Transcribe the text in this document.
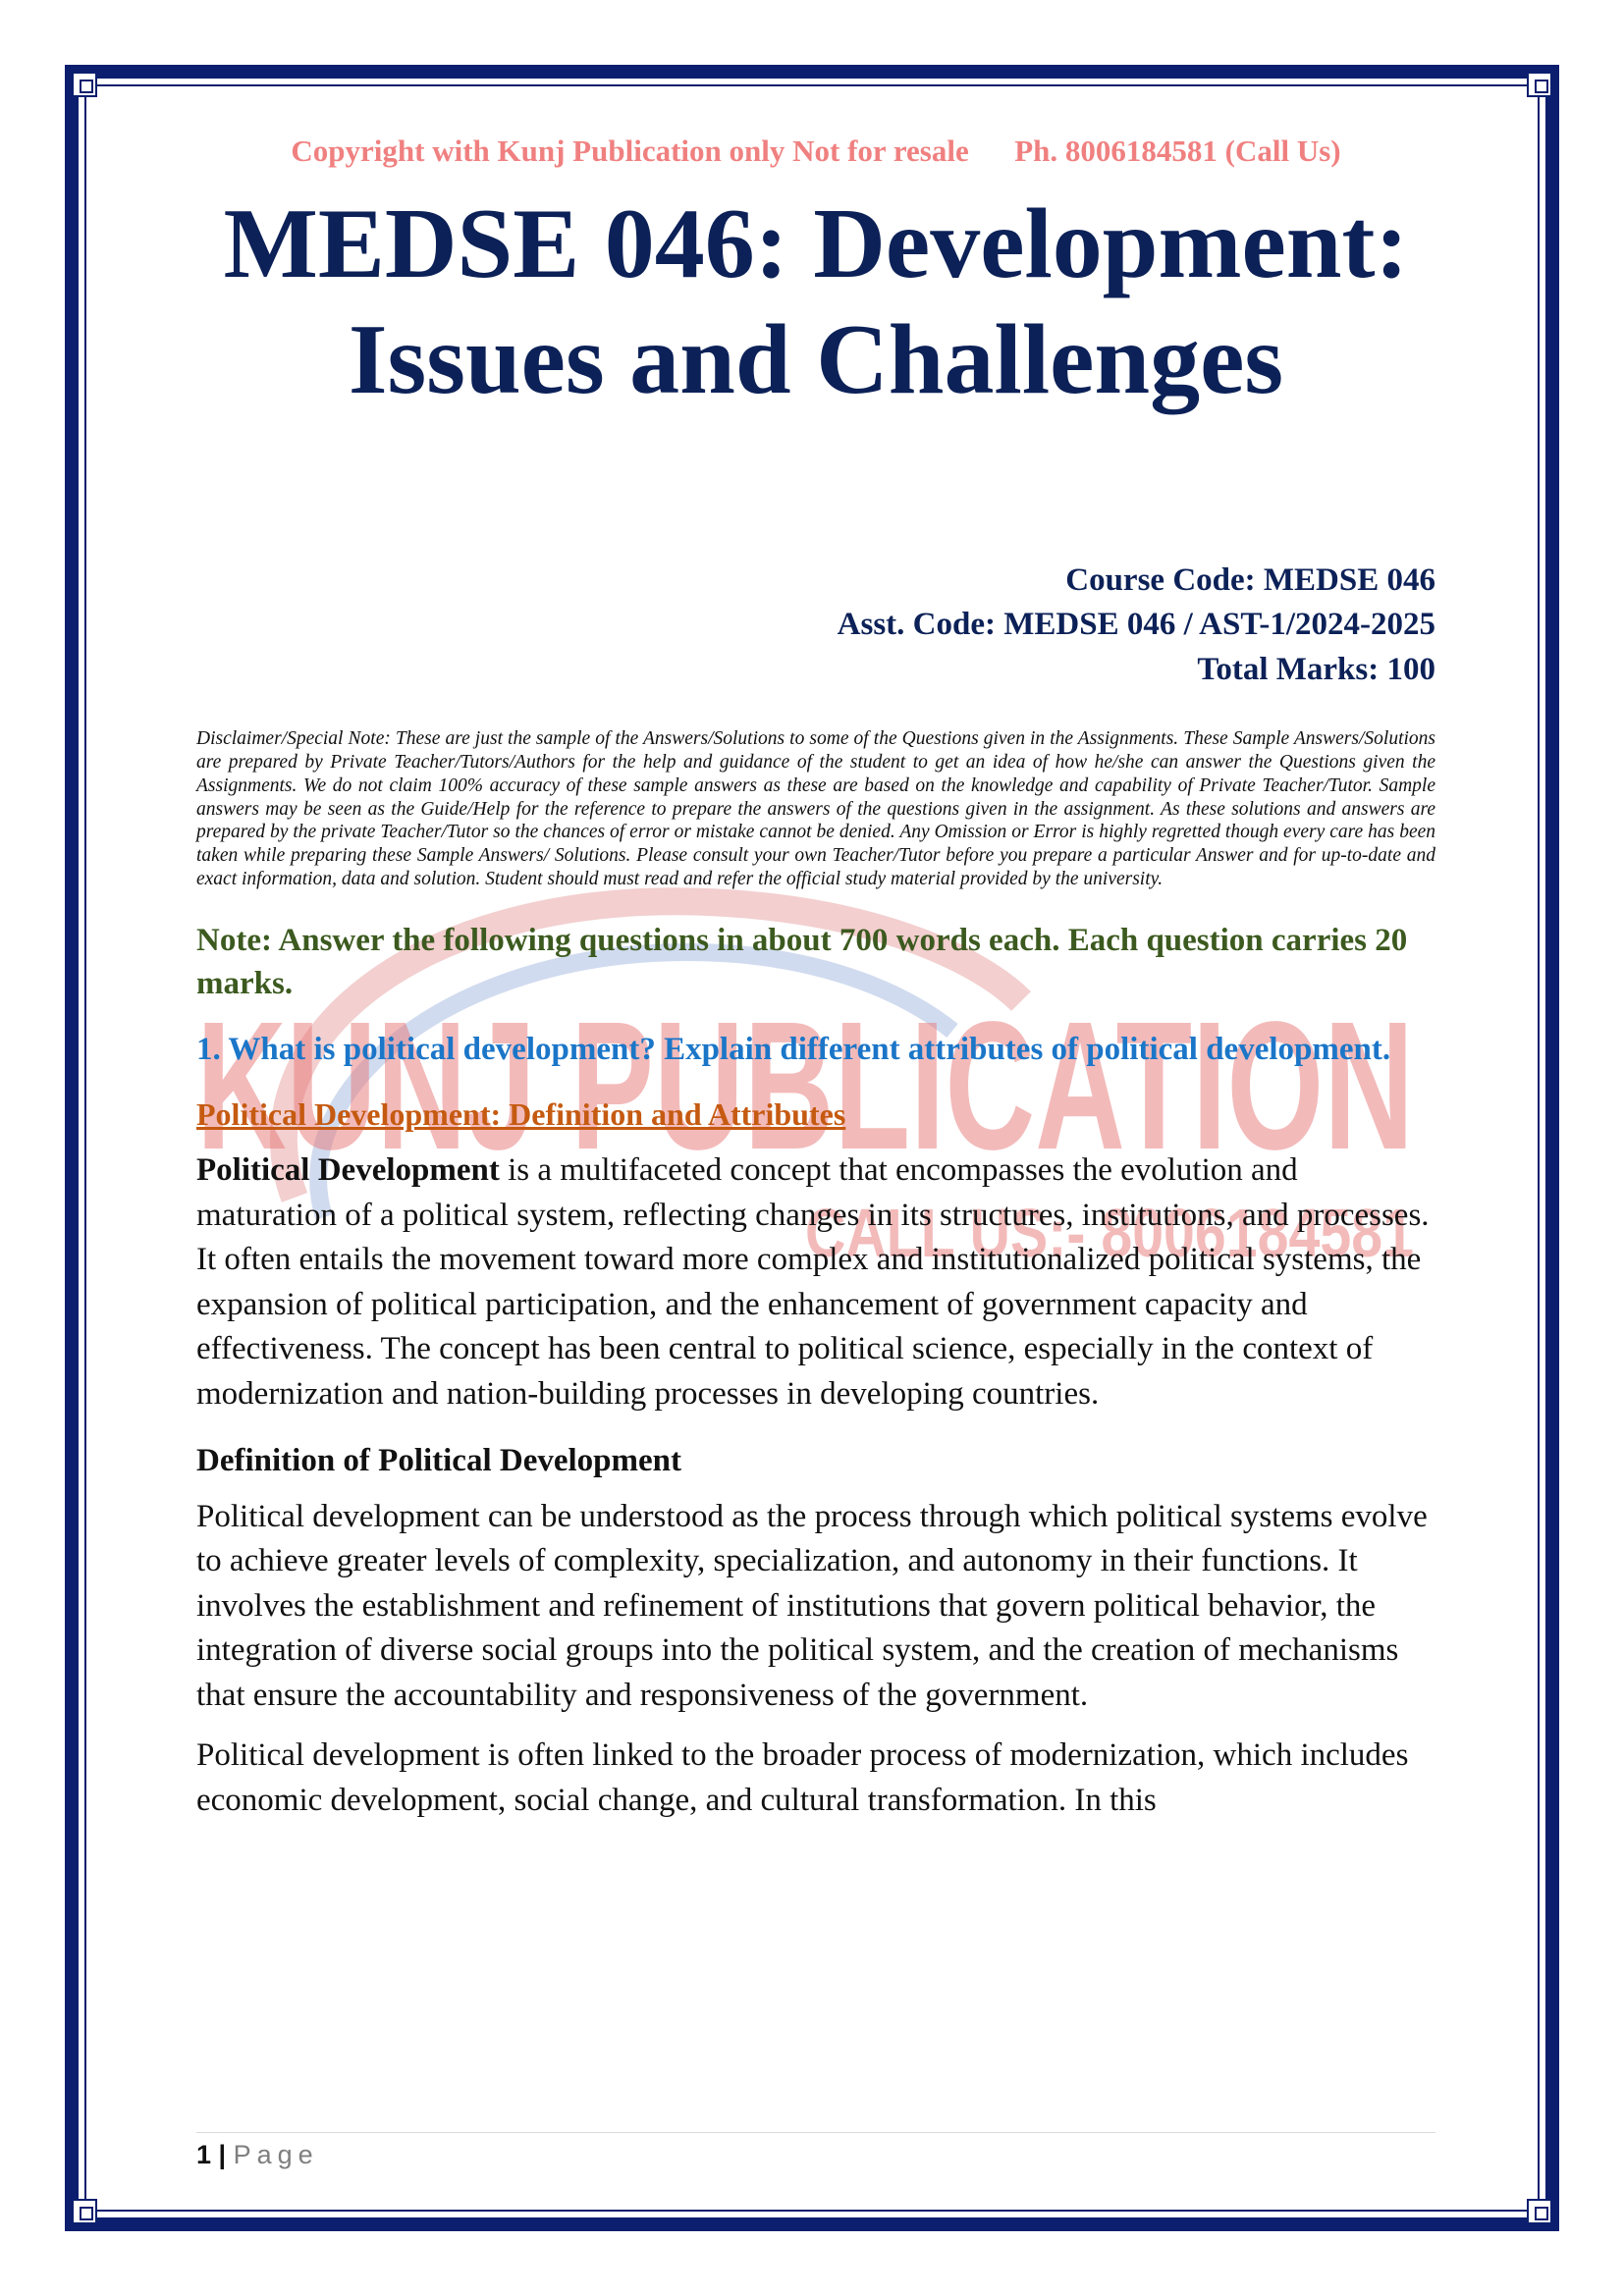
KUNJ PUBLICATION
CALL US:- 8006184581
Copyright with Kunj Publication only Not for resale Ph. 8006184581 (Call Us)
MEDSE 046: Development:
Issues and Challenges
Course Code: MEDSE 046
Asst. Code: MEDSE 046 / AST-1/2024-2025
Total Marks: 100
Disclaimer/Special Note: These are just the sample of the Answers/Solutions to some of the Questions given in the Assignments. These Sample Answers/Solutions are prepared by Private Teacher/Tutors/Authors for the help and guidance of the student to get an idea of how he/she can answer the Questions given the Assignments. We do not claim 100% accuracy of these sample answers as these are based on the knowledge and capability of Private Teacher/Tutor. Sample answers may be seen as the Guide/Help for the reference to prepare the answers of the questions given in the assignment. As these solutions and answers are prepared by the private Teacher/Tutor so the chances of error or mistake cannot be denied. Any Omission or Error is highly regretted though every care has been taken while preparing these Sample Answers/ Solutions. Please consult your own Teacher/Tutor before you prepare a particular Answer and for up-to-date and exact information, data and solution. Student should must read and refer the official study material provided by the university.
Note: Answer the following questions in about 700 words each. Each question carries 20 marks.
1. What is political development? Explain different attributes of political development.
Political Development: Definition and Attributes

Political Development is a multifaceted concept that encompasses the evolution and maturation of a political system, reflecting changes in its structures, institutions, and processes. It often entails the movement toward more complex and institutionalized political systems, the expansion of political participation, and the enhancement of government capacity and effectiveness. The concept has been central to political science, especially in the context of modernization and nation-building processes in developing countries.

Definition of Political Development

Political development can be understood as the process through which political systems evolve to achieve greater levels of complexity, specialization, and autonomy in their functions. It involves the establishment and refinement of institutions that govern political behavior, the integration of diverse social groups into the political system, and the creation of mechanisms that ensure the accountability and responsiveness of the government.

Political development is often linked to the broader process of modernization, which includes economic development, social change, and cultural transformation. In this

1 | Page
